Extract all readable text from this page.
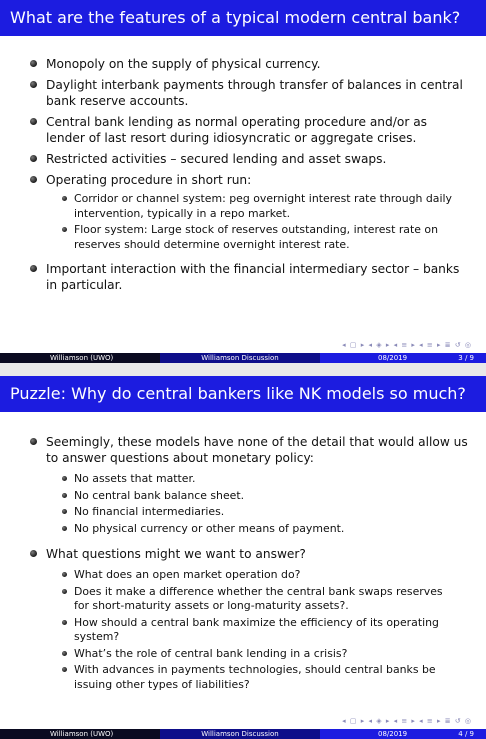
What are the features of a typical modern central bank?
Monopoly on the supply of physical currency.
Daylight interbank payments through transfer of balances in central bank reserve accounts.
Central bank lending as normal operating procedure and/or as lender of last resort during idiosyncratic or aggregate crises.
Restricted activities – secured lending and asset swaps.
Operating procedure in short run:
Corridor or channel system: peg overnight interest rate through daily intervention, typically in a repo market.
Floor system: Large stock of reserves outstanding, interest rate on reserves should determine overnight interest rate.
Important interaction with the financial intermediary sector – banks in particular.
◂ ▢ ▸ ◂ ◈ ▸ ◂ ≡ ▸ ◂ ≡ ▸ ≣ ↺ ◎
Williamson (UWO)	Williamson Discussion	08/2019	3 / 9
Puzzle: Why do central bankers like NK models so much?
Seemingly, these models have none of the detail that would allow us to answer questions about monetary policy:
No assets that matter.
No central bank balance sheet.
No financial intermediaries.
No physical currency or other means of payment.
What questions might we want to answer?
What does an open market operation do?
Does it make a difference whether the central bank swaps reserves for short-maturity assets or long-maturity assets?.
How should a central bank maximize the efficiency of its operating system?
What’s the role of central bank lending in a crisis?
With advances in payments technologies, should central banks be issuing other types of liabilities?
◂ ▢ ▸ ◂ ◈ ▸ ◂ ≡ ▸ ◂ ≡ ▸ ≣ ↺ ◎
Williamson (UWO)	Williamson Discussion	08/2019	4 / 9
